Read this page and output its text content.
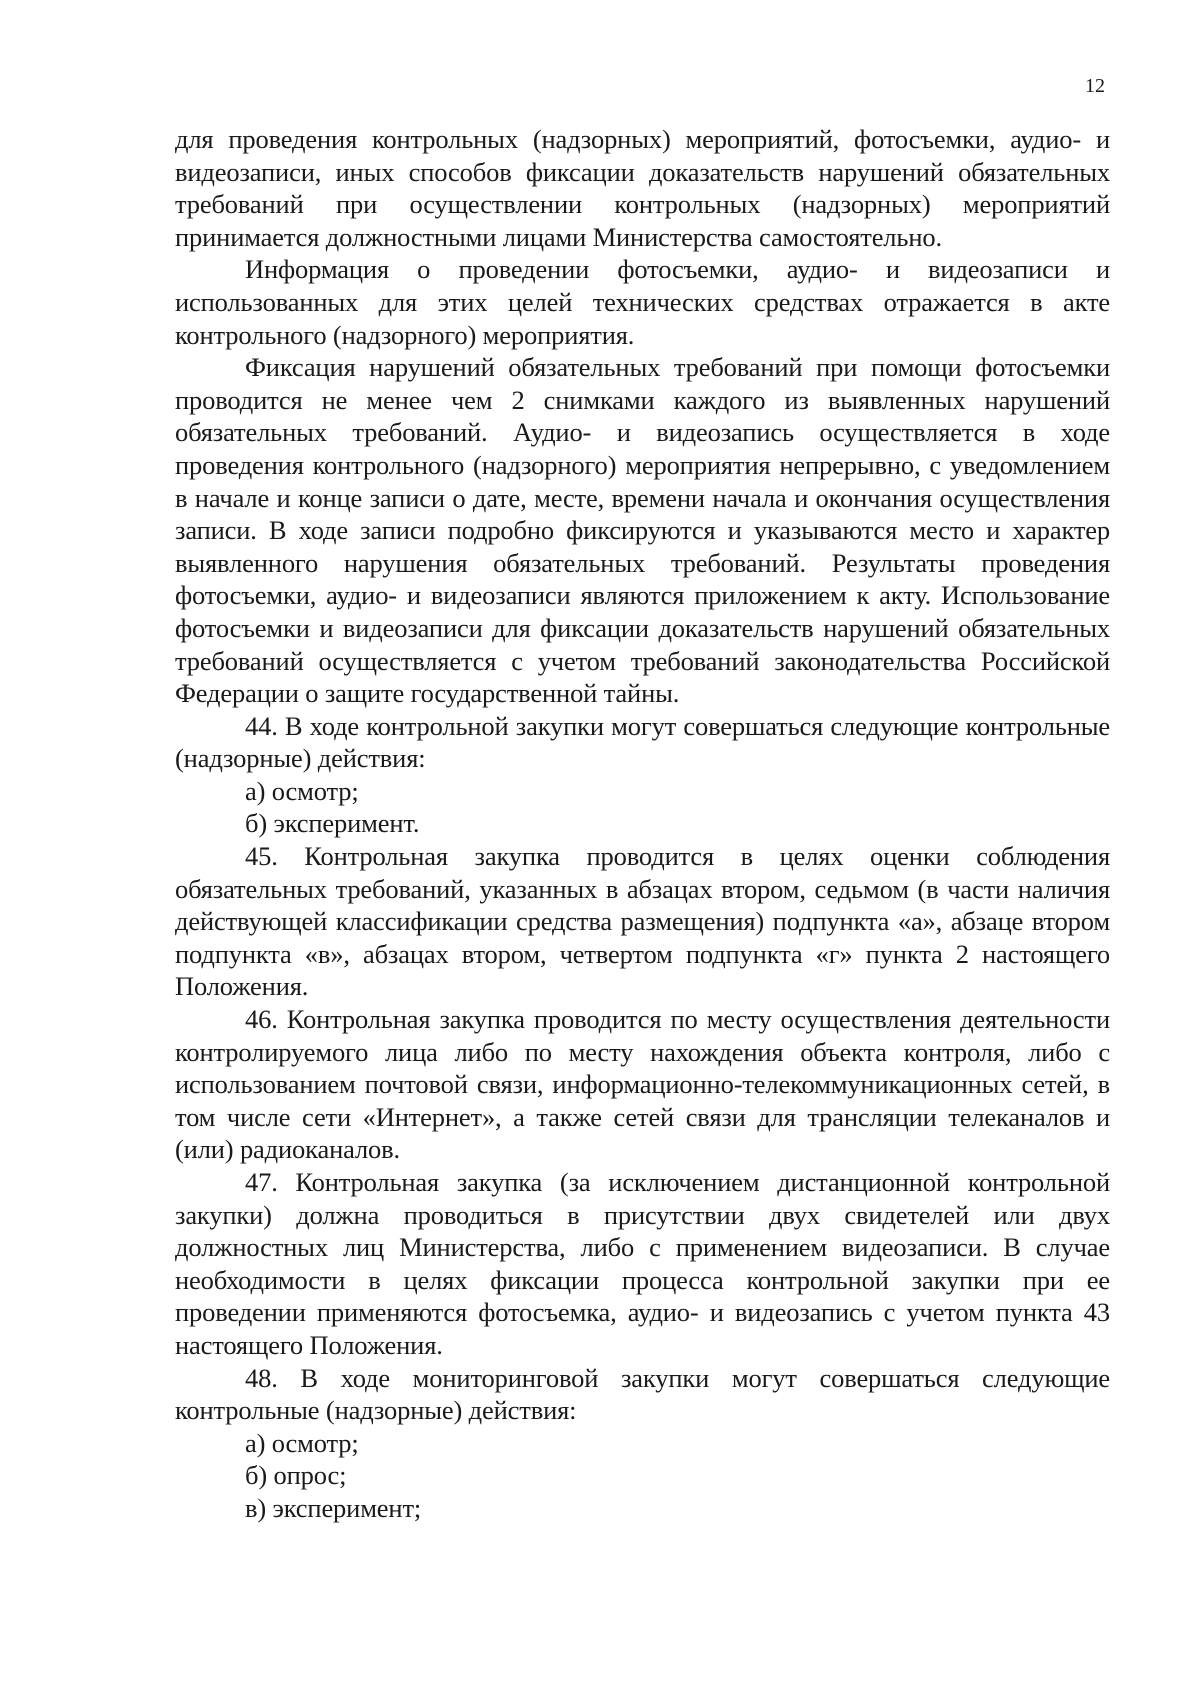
12

для проведения контрольных (надзорных) мероприятий, фотосъемки, аудио- и видеозаписи, иных способов фиксации доказательств нарушений обязательных требований при осуществлении контрольных (надзорных) мероприятий принимается должностными лицами Министерства самостоятельно.

Информация о проведении фотосъемки, аудио- и видеозаписи и использованных для этих целей технических средствах отражается в акте контрольного (надзорного) мероприятия.

Фиксация нарушений обязательных требований при помощи фотосъемки проводится не менее чем 2 снимками каждого из выявленных нарушений обязательных требований. Аудио- и видеозапись осуществляется в ходе проведения контрольного (надзорного) мероприятия непрерывно, с уведомлением в начале и конце записи о дате, месте, времени начала и окончания осуществления записи. В ходе записи подробно фиксируются и указываются место и характер выявленного нарушения обязательных требований. Результаты проведения фотосъемки, аудио- и видеозаписи являются приложением к акту. Использование фотосъемки и видеозаписи для фиксации доказательств нарушений обязательных требований осуществляется с учетом требований законодательства Российской Федерации о защите государственной тайны.

44. В ходе контрольной закупки могут совершаться следующие контрольные (надзорные) действия:

а) осмотр;

б) эксперимент.

45. Контрольная закупка проводится в целях оценки соблюдения обязательных требований, указанных в абзацах втором, седьмом (в части наличия действующей классификации средства размещения) подпункта «а», абзаце втором подпункта «в», абзацах втором, четвертом подпункта «г» пункта 2 настоящего Положения.

46. Контрольная закупка проводится по месту осуществления деятельности контролируемого лица либо по месту нахождения объекта контроля, либо с использованием почтовой связи, информационно-телекоммуникационных сетей, в том числе сети «Интернет», а также сетей связи для трансляции телеканалов и (или) радиоканалов.

47. Контрольная закупка (за исключением дистанционной контрольной закупки) должна проводиться в присутствии двух свидетелей или двух должностных лиц Министерства, либо с применением видеозаписи. В случае необходимости в целях фиксации процесса контрольной закупки при ее проведении применяются фотосъемка, аудио- и видеозапись с учетом пункта 43 настоящего Положения.

48. В ходе мониторинговой закупки могут совершаться следующие контрольные (надзорные) действия:

а) осмотр;

б) опрос;

в) эксперимент;
